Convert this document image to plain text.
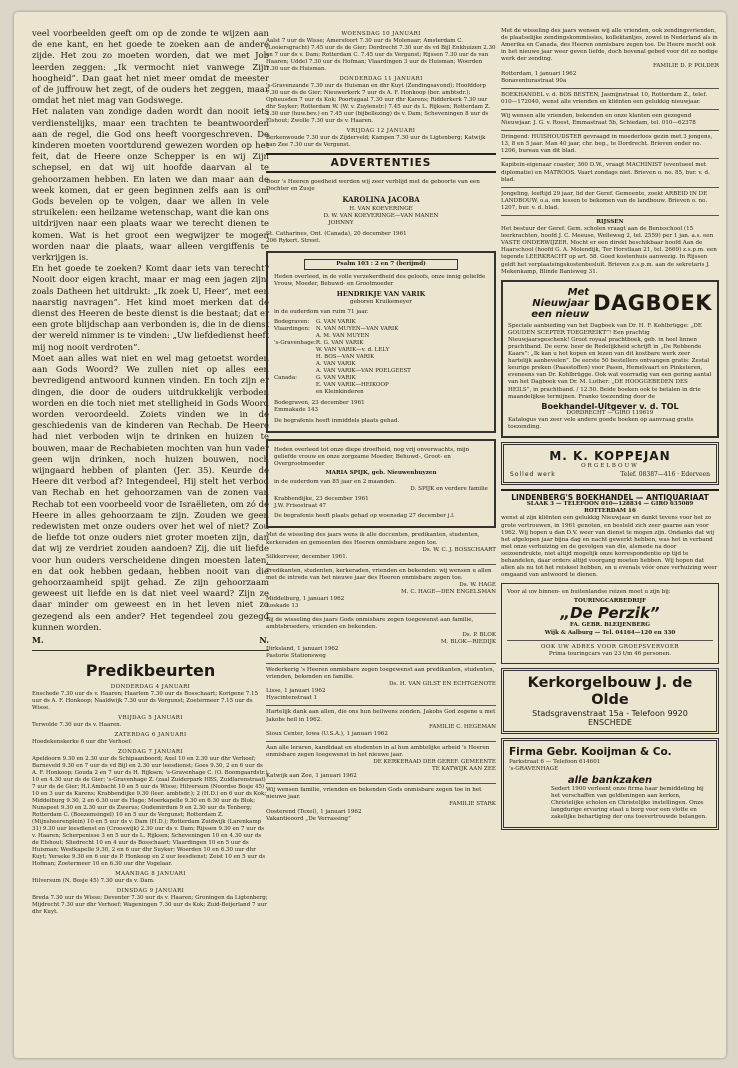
veel voorbeelden geeft om op de zonde te wijzen aan de ene kant, en het goede te zoeken aan de andere zijde. Het zou zo moeten worden, dat we met Job leerden zeggen: „Ik vermocht niet vanwege Zijn hoogheid”. Dan gaat het niet meer omdat de meester of de juffrouw het zegt, of de ouders het zeggen, maar omdat het niet mag van Godswege.

Het nalaten van zondige daden wordt dan nooit iets verdienstelijks, maar een trachten te beantwoorden aan de regel, die God ons heeft voorgeschreven. De kinderen moeten voortdurend gewezen worden op het feit, dat de Heere onze Schepper is en wij Zijn schepsel, en dat wij uit hoofde daarvan al te gehoorzamen hebben. En laten we dan maar aan de week komen, dat er geen beginnen zelfs aan is om Gods bevelen op te volgen, daar we allen in vele struikelen: een heilzame wetenschap, want die kan ons uitdrijven naar een plaats waar we terecht dienen te komen. Wat is het groot een wegwijzer te mogen worden naar die plaats, waar alleen vergiffenis te verkrijgen is.

En het goede te zoeken? Komt daar iets van terecht? Nooit door eigen kracht, maar er mag een jagen zijn, zoals Datheen het uitdrukt: „Ik zoek U, Heer’, met een naarstig navragen”. Het kind moet merken dat de dienst des Heeren de beste dienst is die bestaat; dat er een grote blijdschap aan verbonden is, die in de dienst der wereld nimmer is te vinden: „Uw liefdedienst heeft mij nog nooit verdroten”.

Moet aan alles wat niet en wel mag getoetst worden aan Gods Woord? We zullen niet op alles een bevredigend antwoord kunnen vinden. En toch zijn er dingen, die door de ouders uitdrukkelijk verboden worden en die toch niet met stelligheid in Gods Woord worden veroordeeld. Zoiets vinden we in de geschiedenis van de kinderen van Rechab. De Heere had niet verboden wijn te drinken en huizen te bouwen, maar de Rechabieten mochten van hun vader geen wijn drinken, noch huizen bouwen, noch wijngaard hebben of planten (Jer. 35). Keurde de Heere dit verbod af? Integendeel, Hij stelt het verbod van Rechab en het gehoorzamen van de zonen van Rechab tot een voorbeeld voor de Israëlieten, om zó de Heere in alles gehoorzaam te zijn. Zouden we geen redewisten met onze ouders over het wel of niet? Zou de liefde tot onze ouders niet groter moeten zijn, dan dat wij ze verdriet zouden aandoen? Zij, die uit liefde voor hun ouders verscheidene dingen moesten laten, en dat ook hebben gedaan, hebben nooit van die gehoorzaamheid spijt gehad. Ze zijn gehoorzaam geweest uit liefde en is dat niet veel waard? Zijn ze daar minder om geweest en in het leven niet zo gezegend als een ander? Het tegendeel zou gezegd kunnen worden.

M.	N.
Predikbeurten
DONDERDAG 4 JANUARI

Enschede 7.30 uur ds v. Haaren; Haarlem 7.30 uur ds Bosschaart; Korigene 7.15 uur ds A. F. Honkoop; Naaldwijk 7.30 uur ds Vergunst; Zoetermeer 7.15 uur ds Wisse.

VRIJDAG 5 JANUARI

Terwolde 7.30 uur ds v. Haaren.

ZATERDAG 6 JANUARI

Hoedekenskerke 6 uur dhr Verhoef.

ZONDAG 7 JANUARI

Apeldoorn 9.30 en 2.30 uur ds Schipaanboord; Axel 10 en 2.30 uur dhr Verhoef; Barneveld 9.30 en 7 uur ds vd Bijl en 2.30 uur leesdienst; Goes 9.30, 2 en 6 uur ds A. F. Honkoop; Gouda 2 en 7 uur ds H. Rijksen; 's-Gravenhage C. (O. Boomgaardstr.) 10 en 4.30 uur ds de Gier; 's-Gravenhage Z. (zaal Zuiderpark HBS, Zuidlarenstraat) 7 uur ds de Gier; H.I.Ambacht 10 en 5 uur ds Wisse; Hilversum (Noordse Bosje 45) 10 en 3 uur ds Karens; Krabbendijke 9.30 (leer. ambtsdr.); 2 (H.D.) en 6 uur ds Kok; Middelburg 9.30, 2 en 6.30 uur ds Hage; Moerkapelle 9.30 en 6.30 uur ds Blok; Nunspeet 9.30 en 2.30 uur ds Zwerus; Oudemirdum 9 en 2.30 uur ds Tenberg; Rotterdam C. (Boezemsingel) 10 en 5 uur ds Vergunst; Rotterdam Z. (Mijnsheerenplein) 10 en 5 uur ds v. Dam (H.D.); Rotterdam Zuidwijk (Larenkamp 31) 9.30 uur leesdienst en (Crooswijk) 2.30 uur ds v. Dam; Rijssen 9.30 en 7 uur ds v. Haaren; Scherpenisse 3 en 5 uur ds L. Rijksen; Scheveningen 10 en 4.30 uur ds de Elshout; Sliedrecht 10 en 4 uur ds Bosschaart; Vlaardingen 10 en 5 uur ds Huisman; Westkapelle 9.30, 2 en 6 uur dhr Suyker; Woerden 10 en 6.30 uur dhr Kuyt; Yerseke 9.30 en 6 uur ds P. Honkoop en 2 uur leesdienst; Zeist 10 en 5 uur ds Hofman; Zoetermeer 10 en 6.30 uur dhr Vogelaar.

MAANDAG 8 JANUARI

Hilversum (N. Bosje 45) 7.30 uur ds v. Dam.

DINSDAG 9 JANUARI

Breda 7.30 uur ds Wisse; Deventer 7.30 uur ds v. Haaren; Groningen da Ligtenberg; Mijdrecht 7.30 uur dhr Verhoef; Wageningen 7.30 uur ds Kok; Zuid-Beijerland 7 uur dhr Kuyt.

WOENSDAG 10 JANUARI

Aalst 7 uur ds Wisse; Amersfoort 7.30 uur ds Molenaar; Amsterdam C. (Looiersgracht) 7.45 uur ds de Gier; Dordrecht 7.30 uur ds vd Bijl Enkhuizen 2.30 en 7 uur ds v. Dam; Rotterdam C. 7.45 uur ds Vergunst; Rijssen 7.30 uur ds van Haaren; Uddel 7.30 uur ds Hofman; Vlaardingen 3 uur ds Huisman; Woerden 7.30 uur ds Huisman.

DONDERDAG 11 JANUARI

's-Gravenzande 7.30 uur ds Huisman en dhr Kuyt (Zendingsavond); Hoofddorp 7.30 uur ds de Gier; Nieuwerkerk 7 uur ds A. F. Honkoop (ber. ambtsdr.); Opheusden 7 uur ds Kok; Poortugaal 7.30 uur dhr Karens; Ridderkerk 7.30 uur dhr Suyker; Rotterdam W. (W. v. Zuylenstr.) 7.45 uur ds L. Rijksen; Rotterdam Z. 2.30 uur (huw.bev.) en 7.45 uur (bijbellezing) ds v. Dam; Scheveningen 8 uur ds Elshout; Zwolle 7.30 uur ds v. Haaren.

VRIJDAG 12 JANUARI

Berkenwoude 7.30 uur ds Zijderveld; Kampen 7.30 uur ds Ligtenberg; Katwijk aan Zee 7.30 uur ds Vergunst.

ADVERTENTIES

Door 's Heeren goedheid werden wij zeer verblijd met de geboorte van een Dochter en Zusje

KAROLINA JACOBA

H. VAN KOEVERINGE

D. W. VAN KOEVERINGE—VAN MANEN

JOHNNY

St. Catharines, Ont. (Canada), 20 december 1961

206 Rykert. Street.

Psalm 103 : 2 en 7 (berijmd)

Heden overleed, in de volle verzekerdheid des geloofs, onze innig geliefde Vrouw, Moeder, Behuwd- en Grootmoeder

HENDRIKJE VAN VARIK

geboren Kruikemeyer

in de ouderdom van ruim 71 jaar.

Bodegraven:	G. VAN VARIK
Vlaardingen:	N. VAN MUYEN—VAN VARIK
	A. M. VAN MUYEN
's-Gravenhage:	R. G. VAN VARIK
	W. VAN VARIK—v. d. LELY
	H. BOS—VAN VARIK
	A. VAN VARIK
	A. VAN VARIK—VAN POELGEEST
Canada:	G. VAN VARIK
	E. VAN VARIK—HEIKOOP
	en Kleinkinderen

Bodegraven, 23 december 1961

Emmakade 143

De begrafenis heeft inmiddels plaats gehad.

Heden overleed tot onze diepe droefheid, nog vrij onverwachts, mijn geliefde vrouw en onze zorgzame Moeder, Behuwd-, Groot- en Overgrootmoeder

MARIA SPIJK, geb. Nieuwenhuyzen

in de ouderdom van 85 jaar en 2 maanden.

D. SPIJK en verdere familie

Krabbendijke, 23 december 1961

J.W. Frisostraat 47

De begrafenis heeft plaats gehad op woensdag 27 december j.l.

Met de wisseling des jaars wens ik alle doccenten, predikanten, studenten, kerkeraden en gemeenten des Heeren onmisbare zegen toe.

Ds. W. C. J. BOSSCHAART

Silkkerveer, december 1961.

Predikanten, studenten, kerkeraden, vrienden en bekenden: wij wensen u allen met de intrede van het nieuwe jaar des Heeren onmisbare zegen toe.

Ds. W. HAGE
M. C. HAGE—DEN ENGELSMAN

Middelburg, 1 januari 1962
Loskade 13

Bij de wisseling des jaars Gods onmisbare zegen toegewenst aan familie, ambtsbroeders, vrienden en bekenden.

Ds. P. BLOK
M. BLOK—RIEDIJK

Dirksland, 1 januari 1962
Pastorie Stationsweg

Wederkerig 's Heeren onmisbare zegen toegewenst aan predikanten, studenten, vrienden, bekenden en familie.

Ds. H. VAN GILST EN ECHTGENOTE

Lisse, 1 januari 1962
Hyacintenstraat 1

Hartelijk dank aan allen, die ons hun heilwens zonden. Jakobs God zegene u met Jakobs heil in 1962.

FAMILIE C. HEGEMAN

Sioux Center, Iowa (U.S.A.), 1 januari 1962

Aan alle leraren, kandidaat en studenten in al hun ambtelijke arbeid 's Heeren onmisbare zegen toegewenst in het nieuwe jaar.

DE KERKERAAD DER GEREF. GEMEENTE
TE KATWIJK AAN ZEE

Katwijk aan Zee, 1 januari 1962

Wij wensen familie, vrienden en bekenden Gods onmisbare zegen toe in het nieuwe jaar.

FAMILIE STARK

Oosterend (Texel), 1 januari 1962
Vakantieoord „De Verrassing”

Met de wisseling des jaars wensen wij alle vrienden, ook zendingsvrienden, de plaatselijke zendingskommissies, kollektantjes, zowel in Nederland als in Amerika en Canada, des Heeren onmisbare zegen toe. De Heere mocht ook in het nieuwe jaar weer geven liefde, doch bovenal gebed voor dit zo nodige werk der zending.

FAMILIE D. P. POLDER

Rotterdam, 1 januari 1962
Bonaventurastraat 90a

BOEKHANDEL v. d. BOS BESTEN, Jasmijnstraat 10, Rotterdam Z., telef. 010—172040, wenst alle vrienden en kliënten een gelukkig nieuwjaar.

Wij wensen alle vrienden, bekenden en onze klanten een gezegend Nieuwjaar. J. G. v. Roest, Emmastraat 5b, Schiedam, tel. 010—62378

Dringend: HUISHOUDSTER gevraagd in moederloos gezin met 3 jongens, 13, 8 en 5 jaar. Man 40 jaar, chr. beg., te Dordrecht. Brieven onder no. 1206, bureau van dit blad.

Kapitein-eigenaar coaster, 360 D.W., vraagt MACHINIST (eventueel met diplomatie) en MATROOS. Vaart zondags niet. Brieven o. no. 85, bur. v. d. blad.

Jongeling, leeftijd 29 jaar, lid der Geref. Gemeente, zoekt ARBEID IN DE LANDBOUW, o.a. om lessen te bekomen van de landbouw. Brieven o. no. 1207, bur. v. d. blad.

RIJSSEN

Het bestuur der Geref. Gem. scholen vraagt aan de Benisschool (15 leerkrachten, hoofd J. C. Meeuse, Welleweg 2, tel. 2559) per 1 jan. a.s. een VASTE ONDERWIJZER. Mocht er een direkt beschikbaar hoofd Aan de Haarschool (hoofd G. A. Molendijk, Ter Horstlaan 21, tel. 2669) z.s.p.m. een tegende LEERKRACHT op art. 58. Goed kostenhuis aanwezig. In Rijssen geldt het verplaatsingskostenbesluit. Brieven z.s.p.m. aan de sekretaris J. Mekenkamp, Blinde Banisweg 31.

Met Nieuwjaar
een nieuw DAGBOEK

Speciale aanbieding van het Dagboek van Dr. H. F. Kohlbrügge: „DE GOUDEN SCEPTER TOEGEREIKT”! Een prachtig Nieuwjaarsgeschenk! Groot royaal prachtboek, geb. in heel linnen prachtband. De eerw. heer de Redelijkheid schrijft in „De Rebbende Kaars”: „Ik kan u het kopen en lezen van dit kostbare werk zeer hartelijk aanbevelen”. De eerste 50 bestellers ontvangen gratis: Zestal keurige preken (Paasstoffen) voor Pasen, Hemelvaart en Pinksteren, eveneens van Dr. Kohlbrügge. Ook wat voorradig van een gering aantal van het Dagboek van Dr. M. Luther: „DE HOOGGEBEDEN DES HEILS”, in prachtband. / 12.50. Beide boeken ook te betalen in drie maandelijkse termijnen. Franko toezending door de

Boekhandel-Uitgever v. d. TOL

DORDRECHT — GIRO 119619

Katalogus van zeer vele andere goede boeken op aanvraag gratis toezending.

M. K. KOPPEJAN

ORGELBOUW

Solled werk	Telef. 08387—416 · Ederveen

LINDENBERG'S BOEKHANDEL — ANTIQUARIAAT

SLAAK 3 — TELEFOON 010—128834 — GIRO 635089

ROTTERDAM 16

wenst al zijn kliënten een gelukkig Nieuwjaar en dankt tevens voor het zo grote vertrouwen, in 1961 genoten, en besteld zich zeer gaarne aan voor 1962. Wij hopen u dan D.V. weer van dienst te mogen zijn. Ondanks dat wij het afgelopen jaar bijna dag en nacht gewerkt hebben, was het in verband met onze verhuizing en de gevolgen van die, alsmede na door seizoendrukte, niet altijd mogelijk onze korrespondentie op tijd te behandelen, daar orders altijd voorgang moeten hebben. Wij hopen dat allen als nu tot het reiskeel hebben, en u evenals vóór onze verhuizing weer omgaand van antwoord te dienen.

Voor al uw binnen- en buitenlandse reizen moet u zijn bij:

TOURINGCARBEDRIJF

„De Perzik”

FA. GEBR. BLEIJENBERG

Wijk & Aalburg — Tel. 04164—120 en 330

OOK UW ADRES VOOR GROEPSVERVOER

Prima touringcars van 23 t/m 46 personen.

Kerkorgelbouw J. de Olde

Stadsgravenstraat 15a - Telefoon 9920

ENSCHEDE

Firma Gebr. Kooijman & Co.

Parkstraat 6 — Telefoon 614601

's-GRAVENHAGE

alle bankzaken

Sedert 1900 verleent onze firma haar bemiddeling bij het verschaffen van geldleningen aan kerken, Christelijke scholen en Christelijke instellingen. Onze langdurige ervaring staat u borg voor een vlotte en zakelijke behartiging der ons toevertrouwde belangen.
